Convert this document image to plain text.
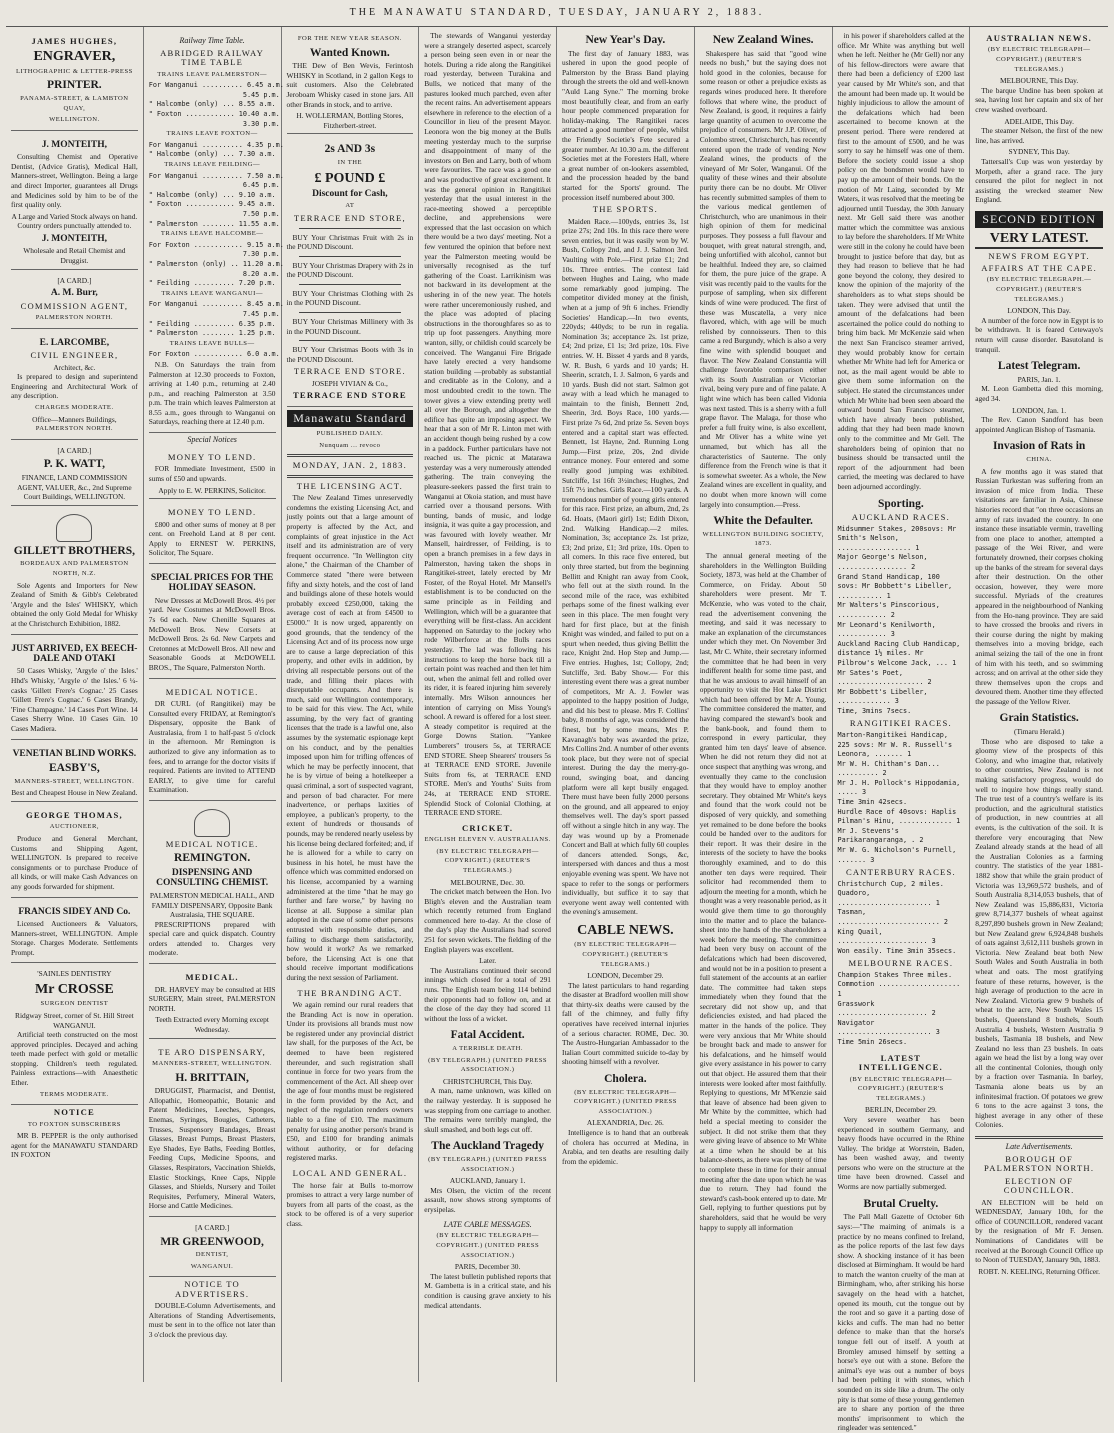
THE MANAWATU STANDARD, TUESDAY, JANUARY 2, 1883.
JAMES HUGHES,
ENGRAVER,
LITHOGRAPHIC & LETTER-PRESS
PRINTER.
PANAMA-STREET, & LAMBTON QUAY,
WELLINGTON.
J. MONTEITH,
Consulting Chemist and Operative Dentist, (Advice Gratis), Medical Hall, Manners-street, Wellington. Being a large and direct Importer, guarantees all Drugs and Medicines sold by him to be of the first quality only.
A Large and Varied Stock always on hand.
Country orders punctually attended to.
J. MONTEITH,
Wholesale and Retail Chemist and Druggist.
[A CARD.]
A. M. Burr,
COMMISSION AGENT,
PALMERSTON NORTH.
E. LARCOMBE,
CIVIL ENGINEER,
Architect, &c.
Is prepared to design and superintend Engineering and Architectural Work of any description.
CHARGES MODERATE.
Office—Manners Buildings,
PALMERSTON NORTH.
[A CARD.]
P. K. WATT,
FINANCE, LAND COMMISSION AGENT, VALUER, &c., 2nd Supreme Court Buildings, WELLINGTON.
GILLETT BROTHERS,
BORDEAUX AND PALMERSTON NORTH, N.Z.
Sole Agents and Importers for New Zealand of Smith & Gibb's Celebrated 'Argyle and the Isles' WHISKY, which obtained the only Gold Medal for Whisky at the Christchurch Exhibition, 1882.
JUST ARRIVED, EX BEECH-DALE AND OTAKI
50 Cases Whisky, 'Argyle o' the Isles.' Hhd's Whisky, 'Argyle o' the Isles.' 6 ¼-casks 'Gillett Frere's Cognac.' 25 Cases 'Gillett Frere's Cognac.' 6 Cases Brandy, 'Fine Champagne.' 14 Cases Port Wine. 14 Cases Sherry Wine. 10 Cases Gin. 10 Cases Madiera.
VENETIAN BLIND WORKS.
EASBY'S,
MANNERS-STREET, WELLINGTON.
Best and Cheapest House in New Zealand.
GEORGE THOMAS,
AUCTIONEER,
Produce and General Merchant, Customs and Shipping Agent, WELLINGTON. Is prepared to receive consignments or to purchase Produce of all kinds, or will make Cash Advances on any goods forwarded for shipment.
FRANCIS SIDEY AND Co.
Licensed Auctioneers & Valuators, Manners-street, WELLINGTON. Ample Storage. Charges Moderate. Settlements Prompt.
'SAINLES DENTISTRY
Mr CROSSE
SURGEON DENTIST
Ridgway Street, corner of St. Hill Street WANGANUI.
Artificial teeth constructed on the most approved principles. Decayed and aching teeth made perfect with gold or metallic stopping. Children's teeth regulated. Painless extractions—with Anaesthetic Ether.
TERMS MODERATE.
NOTICE
TO FOXTON SUBSCRIBERS
MR B. PEPPER is the only authorised agent for the MANAWATU STANDARD IN FOXTON
Railway Time Table.
ABRIDGED RAILWAY TIME TABLE
TRAINS LEAVE PALMERSTON—
For Wanganui .......... 6.45 a.m.
5.45 p.m.
" Halcombe (only) ... 8.55 a.m.
" Foxton ............ 10.40 a.m.
3.30 p.m.
TRAINS LEAVE FOXTON—
For Wanganui .......... 4.35 p.m.
" Halcombe (only) ... 7.30 a.m.
TRAINS LEAVE FEILDING—
For Wanganui .......... 7.50 a.m.
6.45 p.m.
" Halcombe (only) ... 9.10 a.m.
" Foxton ............ 9.45 a.m.
7.50 p.m.
" Palmerston ........ 11.55 a.m.
TRAINS LEAVE HALCOMBE—
For Foxton ............ 9.15 a.m.
7.30 p.m.
" Palmerston (only) .. 11.20 a.m.
8.20 a.m.
" Feilding .......... 7.20 p.m.
TRAINS LEAVE WANGANUI—
For Wanganui .......... 8.45 a.m.
7.45 p.m.
" Feilding .......... 6.35 p.m.
" Palmerston ........ 1.25 p.m.
TRAINS LEAVE BULLS—
For Foxton ............ 6.0 a.m.
N.B. On Saturdays the train from Palmerston at 12.30 proceeds to Foxton, arriving at 1.40 p.m., returning at 2.40 p.m., and reaching Palmerston at 3.50 p.m. The train which leaves Palmerston at 8.55 a.m., goes through to Wanganui on Saturdays, reaching there at 12.40 p.m.
Special Notices
MONEY TO LEND.
FOR Immediate Investment, £500 in sums of £50 and upwards.
Apply to E. W. PERKINS, Solicitor.
MONEY TO LEND.
£800 and other sums of money at 8 per cent. on Freehold Land at 8 per cent. Apply to ERNEST W. PERKINS, Solicitor, The Square.
SPECIAL PRICES FOR THE HOLIDAY SEASON.
New Dresses at McDowell Bros. 4½ per yard. New Costumes at McDowell Bros. 7s 6d each. New Chenille Squares at McDowell Bros. New Corsets at McDowell Bros. 2s 6d. New Carpets and Cretonnes at McDowell Bros. All new and Seasonable Goods at McDOWELL BROS., The Square, Palmerston North.
MEDICAL NOTICE.
DR CURL (of Rangitikei) may be Consulted every FRIDAY, at Remington's Dispensary, opposite the Bank of Australasia, from 1 to half-past 5 o'clock in the afternoon. Mr Remington is authorized to give any information as to fees, and to arrange for the doctor visits if required. Patients are invited to ATTEND EARLY, to give time for careful Examination.
MEDICAL NOTICE.
REMINGTON.
DISPENSING AND CONSULTING CHEMIST.
PALMERSTON MEDICAL HALL, AND FAMILY DISPENSARY, Opposite Bank Australasia, THE SQUARE.
PRESCRIPTIONS prepared with special care and quick dispatch. Country orders attended to. Charges very moderate.
MEDICAL.
DR. HARVEY may be consulted at HIS SURGERY, Main street, PALMERSTON NORTH.
Teeth Extracted every Morning except Wednesday.
TE ARO DISPENSARY,
MANNERS-STREET, WELLINGTON.
H. BRITTAIN,
DRUGGIST, Pharmacist, and Dentist, Allopathic, Homeopathic, Botanic and Patent Medicines, Leeches, Sponges, Enemas, Syringes, Bougies, Catheters, Trusses, Suspensory Bandages, Breast Glasses, Breast Pumps, Breast Plasters, Eye Shades, Eye Baths, Feeding Bottles, Feeding Cups, Medicine Spoons, and Glasses, Respirators, Vaccination Shields, Elastic Stockings, Knee Caps, Nipple Glasses, and Shields, Nursery and Toilet Requisites, Perfumery, Mineral Waters, Horse and Cattle Medicines.
[A CARD.]
MR GREENWOOD,
DENTIST,
WANGANUI.
NOTICE TO ADVERTISERS.
DOUBLE-Column Advertisements, and Alterations of Standing Advertisements, must be sent in to the office not later than 3 o'clock the previous day.
FOR THE NEW YEAR SEASON.
Wanted Known.
THE Dew of Ben Wevis, Ferintosh WHISKY in Scotland, in 2 gallon Kegs to suit customers. Also the Celebrated Jeroboam Whisky cased in stone jars. All other Brands in stock, and to arrive.
H. WOLLERMAN, Bottling Stores, Fitzherbert-street.
2s AND 3s
IN THE
£ POUND £
Discount for Cash,
AT
TERRACE END STORE,
BUY Your Christmas Fruit with 2s in the POUND Discount.
BUY Your Christmas Drapery with 2s in the POUND Discount.
BUY Your Christmas Clothing with 2s in the POUND Discount.
BUY Your Christmas Millinery with 3s in the POUND Discount.
BUY Your Christmas Boots with 3s in the POUND Discount.
TERRACE END STORE.
JOSEPH VIVIAN & Co.,
TERRACE END STORE
Manawatu Standard
PUBLISHED DAILY.
Nunquam ... revoco
MONDAY, JAN. 2, 1883.
THE LICENSING ACT.
The New Zealand Times unreservedly condemns the existing Licensing Act, and justly points out that a large amount of property is affected by the Act, and complaints of great injustice in the Act itself and its administration are of very frequent occurrence. "In Wellington city alone," the Chairman of the Chamber of Commerce stated "there were between fifty and sixty hotels, and the cost of land and buildings alone of these hotels would probably exceed £250,000, taking the average cost of each at from £4500 to £5000." It is now urged, apparently on good grounds, that the tendency of the Licensing Act and of its process now urge are to cause a large depreciation of this property, and other evils in addition, by driving all respectable persons out of the trade, and filling their places with disreputable occupants. And there is much, said our Wellington contemporary, to be said for this view. The Act, while assuming, by the very fact of granting licenses that the trade is a lawful one, also assumes by the systematic espionage kept on his conduct, and by the penalties imposed upon him for trifling offences of which he may be perfectly innocent, that he is by virtue of being a hotelkeeper a quasi criminal, a sort of suspected vagrant, and person of bad character. For mere inadvertence, or perhaps laxities of employee, a publican's property, to the extent of hundreds or thousands of pounds, may be rendered nearly useless by his license being declared forfeited; and, if he is allowed for a while to carry on business in his hotel, he must have the offence which was committed endorsed on his license, accompanied by a warning administered at the time "that he may go further and fare worse," by having no license at all. Suppose a similar plan adopted in the case of some other persons entrusted with responsible duties, and failing to discharge them satisfactorily, how would it work? As we remarked before, the Licensing Act is one that should receive important modifications during the next session of Parliament.
THE BRANDING ACT.
We again remind our rural readers that the Branding Act is now in operation. Under its provisions all brands must now be registered under any provincial district law shall, for the purposes of the Act, be deemed to have been registered thereunder, and such registration shall continue in force for two years from the commencement of the Act. All sheep over the age of four months must be registered in the form provided by the Act, and neglect of the regulation renders owners liable to a fine of £10. The maximum penalty for using another person's brand is £50, and £100 for branding animals without authority, or for defacing registered marks.
LOCAL AND GENERAL.
The horse fair at Bulls to-morrow promises to attract a very large number of buyers from all parts of the coast, as the stock to be offered is of a very superior class.
The stewards of Wanganui yesterday were a strangely deserted aspect, scarcely a person being seen even in or near the hotels. During a ride along the Rangitikei road yesterday, between Turakina and Bulls, we noticed that many of the pastures looked much parched, even after the recent rains. An advertisement appears elsewhere in reference to the election of a Councillor in lieu of the present Mayor. Leonora won the big money at the Bulls meeting yesterday much to the surprise and disappointment of many of the investors on Ben and Larry, both of whom were favourites. The race was a good one and was productive of great excitement. It was the general opinion in Rangitikei yesterday that the usual interest in the race-meeting showed a perceptible decline, and apprehensions were expressed that the last occasion on which there would be a two days' meeting. Not a few ventured the opinion that before next year the Palmerston meeting would be universally recognised as the turf gathering of the Coast. Larrikinism was not backward in its development at the ushering in of the new year. The hotels were rather unceremoniously rushed, and the place was adopted of placing obstructions in the thoroughfares so as to trip up foot passengers. Anything more wanton, silly, or childish could scarcely be conceived. The Wanganui Fire Brigade have lately erected a very handsome station building —probably as substantial and creditable as in the Colony, and a most undoubted credit to the town. The tower gives a view extending pretty well all over the Borough, and altogether the edifice has quite an imposing aspect. We hear that a son of Mr R. Linton met with an accident though being rushed by a cow in a paddock. Further particulars have not reached us. The picnic at Matarawa yesterday was a very numerously attended gathering. The train conveying the pleasure-seekers passed the first train to Wanganui at Okoia station, and must have carried over a thousand persons. With bunting, bands of music, and lodge insignia, it was quite a gay procession, and was favoured with lovely weather. Mr Mansell, hairdresser, of Feilding, is to open a branch premises in a few days in Palmerston, having taken the shops in Rangitikei-street, lately erected by Mr Foster, of the Royal Hotel. Mr Mansell's establishment is to be conducted on the same principle as in Feilding and Wellington, which will be a guarantee that everything will be first-class. An accident happened on Saturday to the jockey who rode Wilberforce at the Bulls races yesterday. The lad was following his instructions to keep the horse back till a certain point was reached and then let him out, when the animal fell and rolled over its rider, it is feared injuring him severely internally. Mrs Wilson announces her intention of carrying on Miss Young's school. A reward is offered for a lost steer. A steady competitor is required at the Gorge Downs Station. "Yankee Lumberers" trousers 5s, at TERRACE END STORE. Sheep Shearers' trousers 5s at TERRACE END STORE. Juvenile Suits from 6s, at TERRACE END STORE. Men's and Youths' Suits from 24s, at TERRACE END STORE. Splendid Stock of Colonial Clothing, at TERRACE END STORE.
CRICKET.
ENGLISH ELEVEN V. AUSTRALIANS.
(BY ELECTRIC TELEGRAPH—COPYRIGHT.) (REUTER'S TELEGRAMS.)
MELBOURNE, Dec. 30.
The cricket match between the Hon. Ivo Bligh's eleven and the Australian team which recently returned from England commenced here to-day. At the close of the day's play the Australians had scored 251 for seven wickets. The fielding of the English players was excellent.
Later.
The Australians continued their second innings which closed for a total of 291 runs. The English team being 114 behind their opponents had to follow on, and at the close of the day they had scored 11 without the loss of a wicket.
Fatal Accident.
A TERRIBLE DEATH.
(BY TELEGRAPH.) (UNITED PRESS ASSOCIATION.)
CHRISTCHURCH, This Day.
A man, name unknown, was killed on the railway yesterday. It is supposed he was stepping from one carriage to another. The remains were terribly mangled, the skull smashed, and both legs cut off.
The Auckland Tragedy
(BY TELEGRAPH.) (UNITED PRESS ASSOCIATION.)
AUCKLAND, January 1.
Mrs Olsen, the victim of the recent assault, now shows strong symptoms of erysipelas.
LATE CABLE MESSAGES.
(BY ELECTRIC TELEGRAPH—COPYRIGHT.) (UNITED PRESS ASSOCIATION.)
PARIS, December 30.
The latest bulletin published reports that M. Gambetta is in a critical state, and his condition is causing grave anxiety to his medical attendants.
New Year's Day.
The first day of January 1883, was ushered in upon the good people of Palmerston by the Brass Band playing through the streets the old and well-known "Auld Lang Syne." The morning broke most beautifully clear, and from an early hour people commenced preparation for holiday-making. The Rangitikei races attracted a good number of people, whilst the Friendly Societie's Fete secured a greater number. At 10.30 a.m. the different Societies met at the Foresters Hall, where a great number of on-lookers assembled, and the procession headed by the band started for the Sports' ground. The procession itself numbered about 300.
THE SPORTS.
Maiden Race.—100yds, entries 3s, 1st prize 27s; 2nd 10s. In this race there were seven entries, but it was easily won by W. Bush, Collopy 2nd, and J. J. Salmon 3rd. Vaulting with Pole.—First prize £1; 2nd 10s. Three entries. The contest laid between Hughes and Laing, who made some remarkably good jumping. The competitor divided money at the finish, when at a jump of 9ft 6 inches. Friendly Societies' Handicap.—In two events, 220yds; 440yds; to be run in regalia. Nomination 3s; acceptance 2s. 1st prize, £4; 2nd prize, £1 1s; 3rd prize, 10s. Five entries. W. H. Bisset 4 yards and 8 yards, W. R. Bush, 6 yards and 10 yards; H. Sheerin, scratch, I. J. Salmon, 6 yards and 10 yards. Bush did not start. Salmon got away with a lead which he managed to maintain to the finish, Bennett 2nd, Sheerin, 3rd. Boys Race, 100 yards.—First prize 7s 6d, 2nd prize 5s. Seven boys entered and a capital start was effected. Bennett, 1st Hayne, 2nd. Running Long Jump.—First prize, 20s, 2nd divide entrance money. Four entered and some really good jumping was exhibited. Sutcliffe, 1st 16ft 3½inches; Hughes, 2nd 15ft 7½ inches. Girls Race.—100 yards. A tremendous number of young girls entered for this race. First prize, an album, 2nd, 2s 6d. Hoats, (Maori girl) 1st; Edith Dixon, 2nd. Walking Handicap.—2 miles. Nomination, 3s; acceptance 2s. 1st prize, £3; 2nd prize, £1; 3rd prize, 10s. Open to all comers. In this race five entered, but only three started, but from the beginning Bellitt and Knight ran away from Cook, who fell out at the sixth round. In the second mile of the race, was exhibited perhaps some of the finest walking ever seen in this place. The men fought very hard for first place, but at the finish Knight was winded, and failed to put on a spurt when needed, thus giving Bellitt the race, Knight 2nd. Hop Step and Jump.— Five entries. Hughes, 1st; Collopy, 2nd; Sutcliffe, 3rd. Baby Show.— For this interesting event there was a great number of competitors, Mr A. J. Fowler was appointed to the happy position of Judge, and did his best to please. Mrs F. Collins' baby, 8 months of age, was considered the finest, but by some means, Mrs P. Kavanagh's baby was awarded the prize, Mrs Collins 2nd. A number of other events took place, but they were not of special interest. During the day the merry-go-round, swinging boat, and dancing platform were all kept busily engaged. There must have been fully 2000 persons on the ground, and all appeared to enjoy themselves well. The day's sport passed off without a single hitch in any way. The day was wound up by a Promenade Concert and Ball at which fully 60 couples of dancers attended. Songs, &c, interspersed with dances and thus a most enjoyable evening was spent. We have not space to refer to the songs or performers individually, but suffice it to say that everyone went away well contented with the evening's amusement.
CABLE NEWS.
(BY ELECTRIC TELEGRAPH—COPYRIGHT.) (REUTER'S TELEGRAMS.)
LONDON, December 29.
The latest particulars to hand regarding the disaster at Bradford woollen mill show that thirty-six deaths were caused by the fall of the chimney, and fully fifty operatives have received internal injuries of a serious character. ROME, Dec. 30. The Austro-Hungarian Ambassador to the Italian Court committed suicide to-day by shooting himself with a revolver.
Cholera.
(BY ELECTRIC TELEGRAPH—COPYRIGHT.) (UNITED PRESS ASSOCIATION.)
ALEXANDRIA, Dec. 26.
Intelligence is to hand that an outbreak of cholera has occurred at Medina, in Arabia, and ten deaths are resulting daily from the epidemic.
New Zealand Wines.
Shakespere has said that "good wine needs no bush," but the saying does not hold good in the colonies, because for some reason or other a prejudice exists as regards wines produced here. It therefore follows that where wine, the product of New Zealand, is good, it requires a fairly large quantity of acumen to overcome the prejudice of consumers. Mr J.P. Oliver, of Colombo street, Christchurch, has recently entered upon the trade of vending New Zealand wines, the products of the vineyard of Mr Soler, Wanganui. Of the quality of these wines and their absolute purity there can be no doubt. Mr Oliver has recently submitted samples of them to the various medical gentlemen of Christchurch, who are unanimous in their high opinion of them for medicinal purposes. They possess a full flavour and bouquet, with great natural strength, and, being unfortified with alcohol, cannot but be healthful. Indeed they are, so claimed for them, the pure juice of the grape. A visit was recently paid to the vaults for the purpose of sampling, when six different kinds of wine were produced. The first of these was Muscatella, a very nice flavored, which, with age will be much relished by connoisseurs. Then to this came a red Burgundy, which is also a very fine wine with splendid bouquet and flavor. The New Zealand Constantia will challenge favorable comparison either with its South Australian or Victorian rival, being very pure and of fine palate. A light wine which has been called Vidonia was next tasted. This is a sherry with a full grape flavor. The Malaga, for those who prefer a full fruity wine, is also excellent, and Mr Oliver has a white wine yet unnamed, but which has all the characteristics of Sauterne. The only difference from the French wine is that it is somewhat sweeter. As a whole, the New Zealand wines are excellent in quality, and no doubt when more known will come largely into consumption.—Press.
White the Defaulter.
WELLINGTON BUILDING SOCIETY, 1873.
The annual general meeting of the shareholders in the Wellington Building Society, 1873, was held at the Chamber of Commerce, on Friday. About 50 shareholders were present. Mr T. McKenzie, who was voted to the chair, read the advertisement convening the meeting, and said it was necessary to make an explanation of the circumstances under which they met. On November 3rd last, Mr C. White, their secretary informed the committee that he had been in very indifferent health for some time past, and that he was anxious to avail himself of an opportunity to visit the Hot Lake District which had been offered by Mr A. Young. The committee considered the matter, and having compared the steward's book and the bank-book, and found them to correspond in every particular, they granted him ten days' leave of absence. When he did not return they did not at once suspect that anything was wrong, and eventually they came to the conclusion that they would have to employ another secretary. They obtained Mr White's keys and found that the work could not be disposed of very quickly, and something yet remained to be done before the books could be handed over to the auditors for their report. It was their desire in the interests of the society to have the books thoroughly examined, and to do this another ten days were required. Their solicitor had recommended them to adjourn the meeting for a month, which he thought was a very reasonable period, as it would give them time to go thoroughly into the matter and to place the balance-sheet into the hands of the shareholders a week before the meeting. The committee had been very busy on account of the defalcations which had been discovered, and would not be in a position to present a full statement of the accounts at an earlier date. The committee had taken steps immediately when they found that the secretary did not show up, and that deficiencies existed, and had placed the matter in the hands of the police. They were very anxious that Mr White should be brought back and made to answer for his defalcations, and he himself would give every assistance in his power to carry out that object. He assured them that their interests were looked after most faithfully. Replying to questions, Mr M'Kenzie said that leave of absence had been given to Mr White by the committee, which had held a special meeting to consider the subject. It did not strike them that they were giving leave of absence to Mr White at a time when he should be at his balance-sheets, as there was plenty of time to complete these in time for their annual meeting after the date upon which he was due to return. They had found the steward's cash-book entered up to date. Mr Gell, replying to further questions put by shareholders, said that he would be very happy to supply all information
in his power if shareholders called at the office. Mr White was anything but well when he left. Neither he (Mr Gell) nor any of his fellow-directors were aware that there had been a deficiency of £200 last year caused by Mr White's son, and that the amount had been made up. It would be highly injudicious to allow the amount of the defalcations which had been ascertained to become known at the present period. There were rendered at first to the amount of £500, and he was sorry to say he himself was one of them. Before the society could issue a shop policy on the bondsmen would have to pay up the amount of their bonds. On the motion of Mr Laing, seconded by Mr Waters, it was resolved that the meeting be adjourned until Tuesday, the 30th January next. Mr Gell said there was another matter which the committee was anxious to lay before the shareholders. If Mr White were still in the colony he could have been brought to justice before that day, but as they had reason to believe that he had gone beyond the colony, they desired to know the opinion of the majority of the shareholders as to what steps should be taken. They were advised that until the amount of the defalcations had been ascertained the police could do nothing to bring him back. Mr McKenzie said when the next San Francisco steamer arrived, they would probably know for certain whether Mr White had left for America or not, as the mail agent would be able to give them some information on the subject. He stated the circumstances under which Mr White had been seen aboard the outward bound San Francisco steamer, which have already been published, adding that they had been made known only to the committee and Mr Gell. The shareholders being of opinion that no business should be transacted until the report of the adjournment had been carried, the meeting was declared to have been adjourned accordingly.
Sporting.
AUCKLAND RACES.
Midsummer Stakes, 200sovs: Mr Smith's Nelson, .................. 1
Major George's Nelson, ................. 2
Grand Stand Handicap, 100 sovs: Mr Bobbett's Libeller, ........... 1
Mr Walters's Pinscorious, ............ 2
Mr Leonard's Kenilworth, ............ 3
Auckland Racing Club Handicap, distance 1½ miles. Mr Pilbrow's Welcome Jack, ... 1
Mr Sates's Poet, ..................... 2
Mr Bobbett's Libeller, ............. 3
Time, 3mins 7secs.
RANGITIKEI RACES.
Marton-Rangitikei Handicap, 225 sovs: Mr W. R. Russell's Leonora, ....... 1
Mr W. H. Chitham's Dan... .......... 2
Mr J. H. Pollock's Hippodamia, ..... 3
Time 3min 42secs.
Hurdle Race of 40sovs: Haplis Pilman's Hinu, ............. 1
Mr J. Stevens's Parikarangaranga, . 2
Mr W. G. Nicholson's Purnell, ....... 3
CANTERBURY RACES.
Christchurch Cup, 2 miles. Quadoro, ....................... 1
Tasman, ......................... 2
King Quail, ...................... 3
Won easily. Time 3min 35secs.
MELBOURNE RACES.
Champion Stakes Three miles. Commotion .................... 1
Grasswork ...................... 2
Navigator ....................... 3
Time 5min 26secs.
LATEST INTELLIGENCE.
(BY ELECTRIC TELEGRAPH—COPYRIGHT.) (REUTER'S TELEGRAMS.)
BERLIN, December 29.
Very severe weather has been experienced in southern Germany, and heavy floods have occurred in the Rhine Valley. The bridge at Worrstein, Baden, has been washed away, and twenty persons who were on the structure at the time have been drowned. Cassel and Worms are now partially submerged.
Brutal Cruelty.
The Pall Mall Gazette of October 6th says:—"The maiming of animals is a practice by no means confined to Ireland, as the police reports of the last few days show. A shocking instance of it has been disclosed at Birmingham. It would be hard to match the wanton cruelty of the man at Birmingham, who, after striking his horse savagely on the head with a hatchet, opened its mouth, cut the tongue out by the root and so gave it a parting dose of kicks and cuffs. The man had no better defence to make than that the horse's tongue fell out of itself. A youth at Bromley amused himself by setting a horse's eye out with a stone. Before the animal's eye was out a number of boys had been pelting it with stones, which sounded on its side like a drum. The only pity is that some of these young gentlemen are to share any portion of the three months' imprisonment to which the ringleader was sentenced."
AUSTRALIAN NEWS.
(BY ELECTRIC TELEGRAPH—COPYRIGHT.) (REUTER'S TELEGRAMS.)
MELBOURNE, This Day.
The barque Undine has been spoken at sea, having lost her captain and six of her crew washed overboard.
ADELAIDE, This Day.
The steamer Nelson, the first of the new line, has arrived.
SYDNEY, This Day.
Tattersall's Cup was won yesterday by Morpeth, after a grand race. The jury censured the pilot for neglect in not assisting the wrecked steamer New England.
SECOND EDITION
VERY LATEST.
NEWS FROM EGYPT.
AFFAIRS AT THE CAPE.
(BY ELECTRIC TELEGRAPH.—COPYRIGHT.) (REUTER'S TELEGRAMS.)
LONDON, This Day.
A number of the force now in Egypt is to be withdrawn. It is feared Cetewayo's return will cause disorder. Basutoland is tranquil.
Latest Telegram.
PARIS, Jan. 1.
M. Leon Gambetta died this morning, aged 34.
LONDON, Jan. 1.
The Rev. Canon Sandford has been appointed Anglican Bishop of Tasmania.
Invasion of Rats in
CHINA.
A few months ago it was stated that Russian Turkestan was suffering from an invasion of mice from India. These visitations are familiar in Asia, Chinese histories record that "on three occasions an army of rats invaded the country. In one instance these insatiable vermin, travelling from one place to another, attempted a passage of the Wei River, and were fortunately drowned, their corpses choking up the banks of the stream for several days after their destruction. On the other occasion, however, they were more successful. Myriads of the creatures appeared in the neighbourhood of Nanking from the Ho-nang province. They are said to have crossed the brooks and rivers in their course during the night by making themselves into a moving bridge, each animal seizing the tail of the one in front of him with his teeth, and so swimming across; and on arrival at the other side they threw themselves upon the crops and devoured them. Another time they effected the passage of the Yellow River.
Grain Statistics.
(Timaru Herald.)
Those who are disposed to take a gloomy view of the prospects of this Colony, and who imagine that, relatively to other countries, New Zealand is not making satisfactory progress, would do well to inquire how things really stand. The true test of a country's welfare is its production, and the agricultural statistics of production, in new countries at all events, is the cultivation of the soil. It is therefore very encouraging that New Zealand already stands at the head of all the Australian Colonies as a farming country. The statistics of the year 1881-1882 show that while the grain product of Victoria was 13,969,572 bushels, and of South Australia 8,314,053 bushels, that of New Zealand was 15,886,831, Victoria grew 8,714,377 bushels of wheat against 8,297,890 bushels grown in New Zealand; but New Zealand grew 6,924,848 bushels of oats against 3,612,111 bushels grown in Victoria. New Zealand beat both New South Wales and South Australia in both wheat and oats. The most gratifying feature of these returns, however, is the high average of production to the acre in New Zealand. Victoria grew 9 bushels of wheat to the acre, New South Wales 15 bushels, Queensland 8 bushels, South Australia 4 bushels, Western Australia 9 bushels, Tasmania 18 bushels, and New Zealand no less than 23 bushels. In oats again we head the list by a long way over all the continental Colonies, though only by a fraction over Tasmania. In barley, Tasmania alone beats us by an infinitesimal fraction. Of potatoes we grew 6 tons to the acre against 3 tons, the highest average in any other of these Colonies.
Late Advertisements.
BOROUGH OF PALMERSTON NORTH.
ELECTION OF COUNCILLOR.
AN ELECTION will be held on WEDNESDAY, January 10th, for the office of COUNCILLOR, rendered vacant by the resignation of Mr F. Jensen. Nominations of Candidates will be received at the Borough Council Office up to Noon of TUESDAY, January 9th, 1883.
ROBT. N. KEELING, Returning Officer.
